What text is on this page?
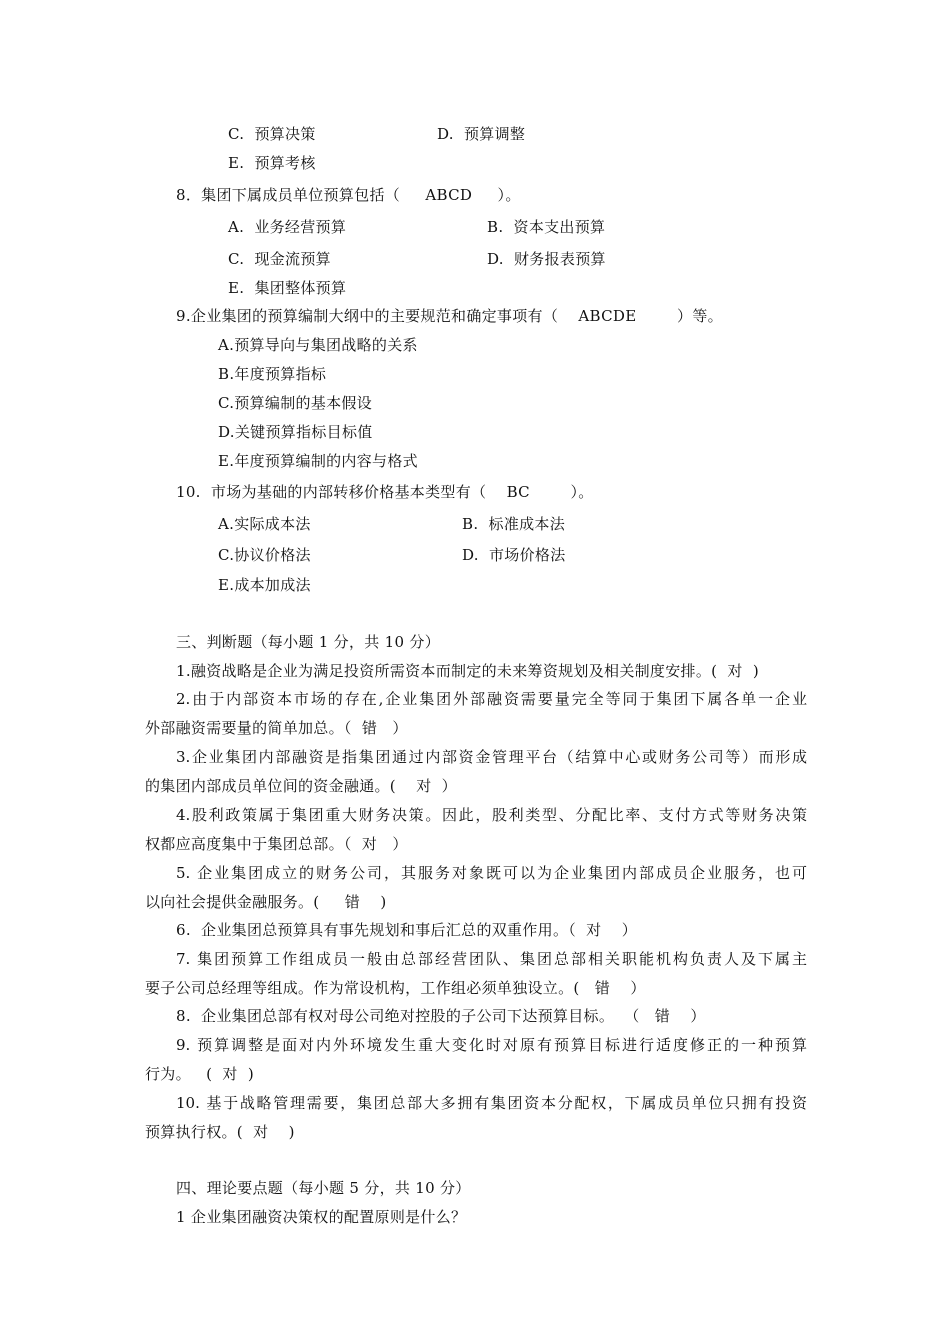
C.  预算决策	D.  预算调整
E.  预算考核
8．集团下属成员单位预算包括（     ABCD     ）。
A.  业务经营预算	B.  资本支出预算
C.  现金流预算	D.  财务报表预算
E.  集团整体预算
9.企业集团的预算编制大纲中的主要规范和确定事项有（    ABCDE        ）等。
A.预算导向与集团战略的关系
B.年度预算指标
C.预算编制的基本假设
D.关键预算指标目标值
E.年度预算编制的内容与格式
10.  市场为基础的内部转移价格基本类型有（    BC        ）。
A.实际成本法	B.  标准成本法
C.协议价格法	D.  市场价格法
E.成本加成法
三、判断题（每小题 1 分，共 10 分）
1.融资战略是企业为满足投资所需资本而制定的未来筹资规划及相关制度安排。(  对  )
2.由于内部资本市场的存在,企业集团外部融资需要量完全等同于集团下属各单一企业
外部融资需要量的简单加总。（  错   ）
3.企业集团内部融资是指集团通过内部资金管理平台（结算中心或财务公司等）而形成
的集团内部成员单位间的资金融通。(    对  ）
4.股利政策属于集团重大财务决策。因此，股利类型、分配比率、支付方式等财务决策
权都应高度集中于集团总部。（  对   ）
5. 企业集团成立的财务公司，其服务对象既可以为企业集团内部成员企业服务，也可
以向社会提供金融服务。(     错    )
6.  企业集团总预算具有事先规划和事后汇总的双重作用。（  对    ）
7. 集团预算工作组成员一般由总部经营团队、集团总部相关职能机构负责人及下属主
要子公司总经理等组成。作为常设机构，工作组必须单独设立。(   错    ）
8.  企业集团总部有权对母公司绝对控股的子公司下达预算目标。  （   错    ）
9. 预算调整是面对内外环境发生重大变化时对原有预算目标进行适度修正的一种预算
行为。   (  对  )
10. 基于战略管理需要，集团总部大多拥有集团资本分配权，下属成员单位只拥有投资
预算执行权。(  对    )
四、理论要点题（每小题 5 分，共 10 分）
1 企业集团融资决策权的配置原则是什么？
